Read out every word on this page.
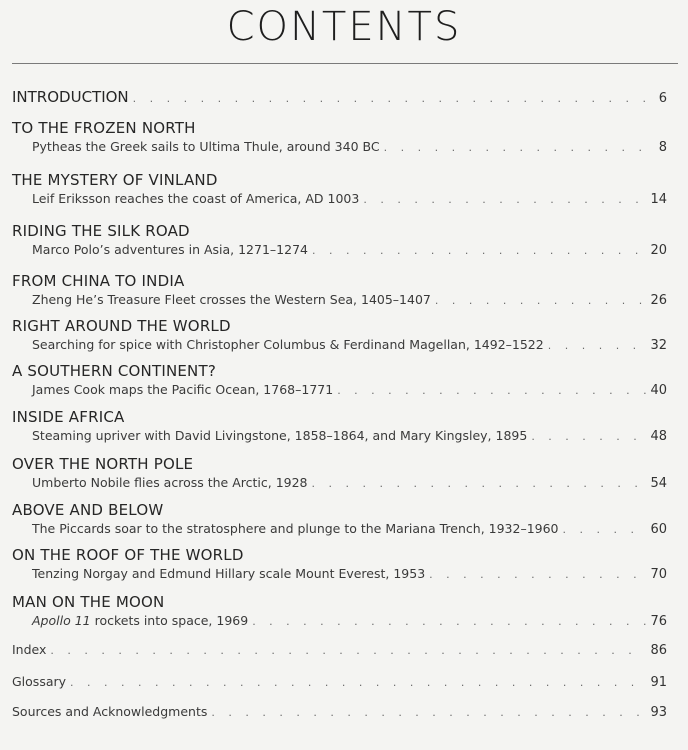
CONTENTS
INTRODUCTION . . .	6
TO THE FROZEN NORTH
Pytheas the Greek sails to Ultima Thule, around 340 BC . . .	8
THE MYSTERY OF VINLAND
Leif Eriksson reaches the coast of America, AD 1003 . . .	14
RIDING THE SILK ROAD
Marco Polo’s adventures in Asia, 1271–1274 . . .	20
FROM CHINA TO INDIA
Zheng He’s Treasure Fleet crosses the Western Sea, 1405–1407 . . .	26
RIGHT AROUND THE WORLD
Searching for spice with Christopher Columbus & Ferdinand Magellan, 1492–1522 . . .	32
A SOUTHERN CONTINENT?
James Cook maps the Pacific Ocean, 1768–1771 . . .	40
INSIDE AFRICA
Steaming upriver with David Livingstone, 1858–1864, and Mary Kingsley, 1895 . . .	48
OVER THE NORTH POLE
Umberto Nobile flies across the Arctic, 1928 . . .	54
ABOVE AND BELOW
The Piccards soar to the stratosphere and plunge to the Mariana Trench, 1932–1960 . . .	60
ON THE ROOF OF THE WORLD
Tenzing Norgay and Edmund Hillary scale Mount Everest, 1953 . . .	70
MAN ON THE MOON
Apollo 11 rockets into space, 1969 . . .	76
Index . . .	86
Glossary . . .	91
Sources and Acknowledgments . . .	93
